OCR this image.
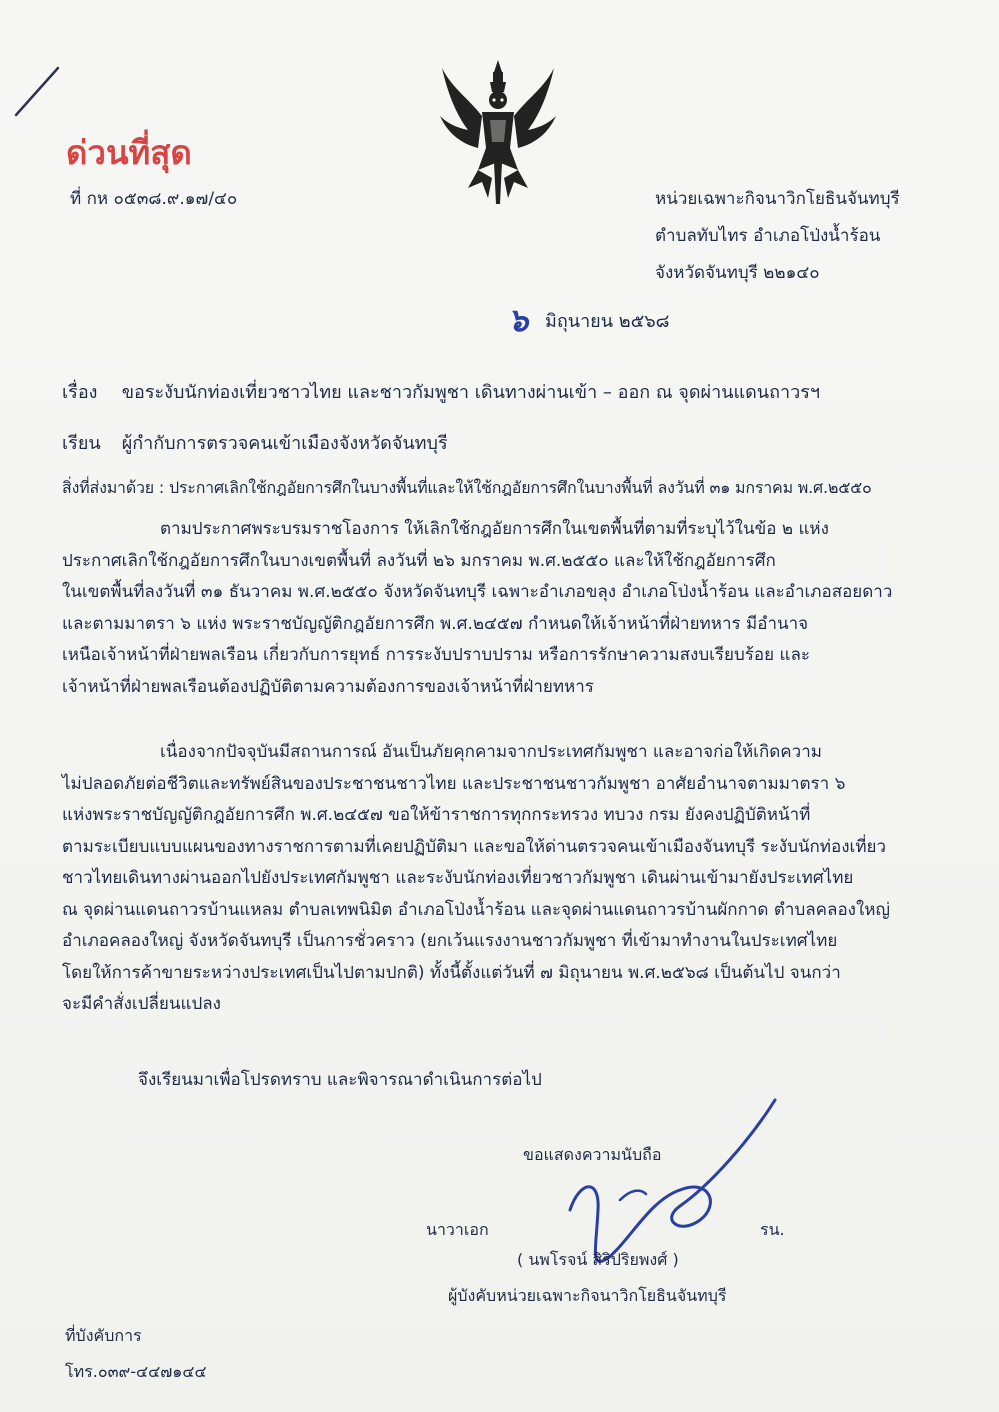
ด่วนที่สุด
ที่ กห ๐๕๓๘.๙.๑๗/๔๐	หน่วยเฉพาะกิจนาวิกโยธินจันทบุรี
ตำบลทับไทร อำเภอโป่งน้ำร้อน
จังหวัดจันทบุรี ๒๒๑๔๐
๖ มิถุนายน ๒๕๖๘
เรื่อง ขอระงับนักท่องเที่ยวชาวไทย และชาวกัมพูชา เดินทางผ่านเข้า – ออก ณ จุดผ่านแดนถาวรฯ
เรียน ผู้กำกับการตรวจคนเข้าเมืองจังหวัดจันทบุรี
สิ่งที่ส่งมาด้วย : ประกาศเลิกใช้กฎอัยการศึกในบางพื้นที่และให้ใช้กฎอัยการศึกในบางพื้นที่ ลงวันที่ ๓๑ มกราคม พ.ศ.๒๕๕๐

ตามประกาศพระบรมราชโองการ ให้เลิกใช้กฎอัยการศึกในเขตพื้นที่ตามที่ระบุไว้ในข้อ ๒ แห่ง

ประกาศเลิกใช้กฎอัยการศึกในบางเขตพื้นที่ ลงวันที่ ๒๖ มกราคม พ.ศ.๒๕๕๐ และให้ใช้กฎอัยการศึก

ในเขตพื้นที่ลงวันที่ ๓๑ ธันวาคม พ.ศ.๒๕๕๐ จังหวัดจันทบุรี เฉพาะอำเภอขลุง อำเภอโป่งน้ำร้อน และอำเภอสอยดาว

และตามมาตรา ๖ แห่ง พระราชบัญญัติกฎอัยการศึก พ.ศ.๒๔๕๗ กำหนดให้เจ้าหน้าที่ฝ่ายทหาร มีอำนาจ

เหนือเจ้าหน้าที่ฝ่ายพลเรือน เกี่ยวกับการยุทธ์ การระงับปราบปราม หรือการรักษาความสงบเรียบร้อย และ

เจ้าหน้าที่ฝ่ายพลเรือนต้องปฏิบัติตามความต้องการของเจ้าหน้าที่ฝ่ายทหาร

เนื่องจากปัจจุบันมีสถานการณ์ อันเป็นภัยคุกคามจากประเทศกัมพูชา และอาจก่อให้เกิดความ

ไม่ปลอดภัยต่อชีวิตและทรัพย์สินของประชาชนชาวไทย และประชาชนชาวกัมพูชา อาศัยอำนาจตามมาตรา ๖

แห่งพระราชบัญญัติกฎอัยการศึก พ.ศ.๒๔๕๗ ขอให้ข้าราชการทุกกระทรวง ทบวง กรม ยังคงปฏิบัติหน้าที่

ตามระเบียบแบบแผนของทางราชการตามที่เคยปฏิบัติมา และขอให้ด่านตรวจคนเข้าเมืองจันทบุรี ระงับนักท่องเที่ยว

ชาวไทยเดินทางผ่านออกไปยังประเทศกัมพูชา และระงับนักท่องเที่ยวชาวกัมพูชา เดินผ่านเข้ามายังประเทศไทย

ณ จุดผ่านแดนถาวรบ้านแหลม ตำบลเทพนิมิต อำเภอโป่งน้ำร้อน และจุดผ่านแดนถาวรบ้านผักกาด ตำบลคลองใหญ่

อำเภอคลองใหญ่ จังหวัดจันทบุรี เป็นการชั่วคราว (ยกเว้นแรงงานชาวกัมพูชา ที่เข้ามาทำงานในประเทศไทย

โดยให้การค้าขายระหว่างประเทศเป็นไปตามปกติ) ทั้งนี้ตั้งแต่วันที่ ๗ มิถุนายน พ.ศ.๒๕๖๘ เป็นต้นไป จนกว่า

จะมีคำสั่งเปลี่ยนแปลง

จึงเรียนมาเพื่อโปรดทราบ และพิจารณาดำเนินการต่อไป
ขอแสดงความนับถือ
นาวาเอก	รน.
( นพโรจน์ สิริปริยพงศ์ )
ผู้บังคับหน่วยเฉพาะกิจนาวิกโยธินจันทบุรี
ที่บังคับการ
โทร.๐๓๙-๔๔๗๑๔๔
